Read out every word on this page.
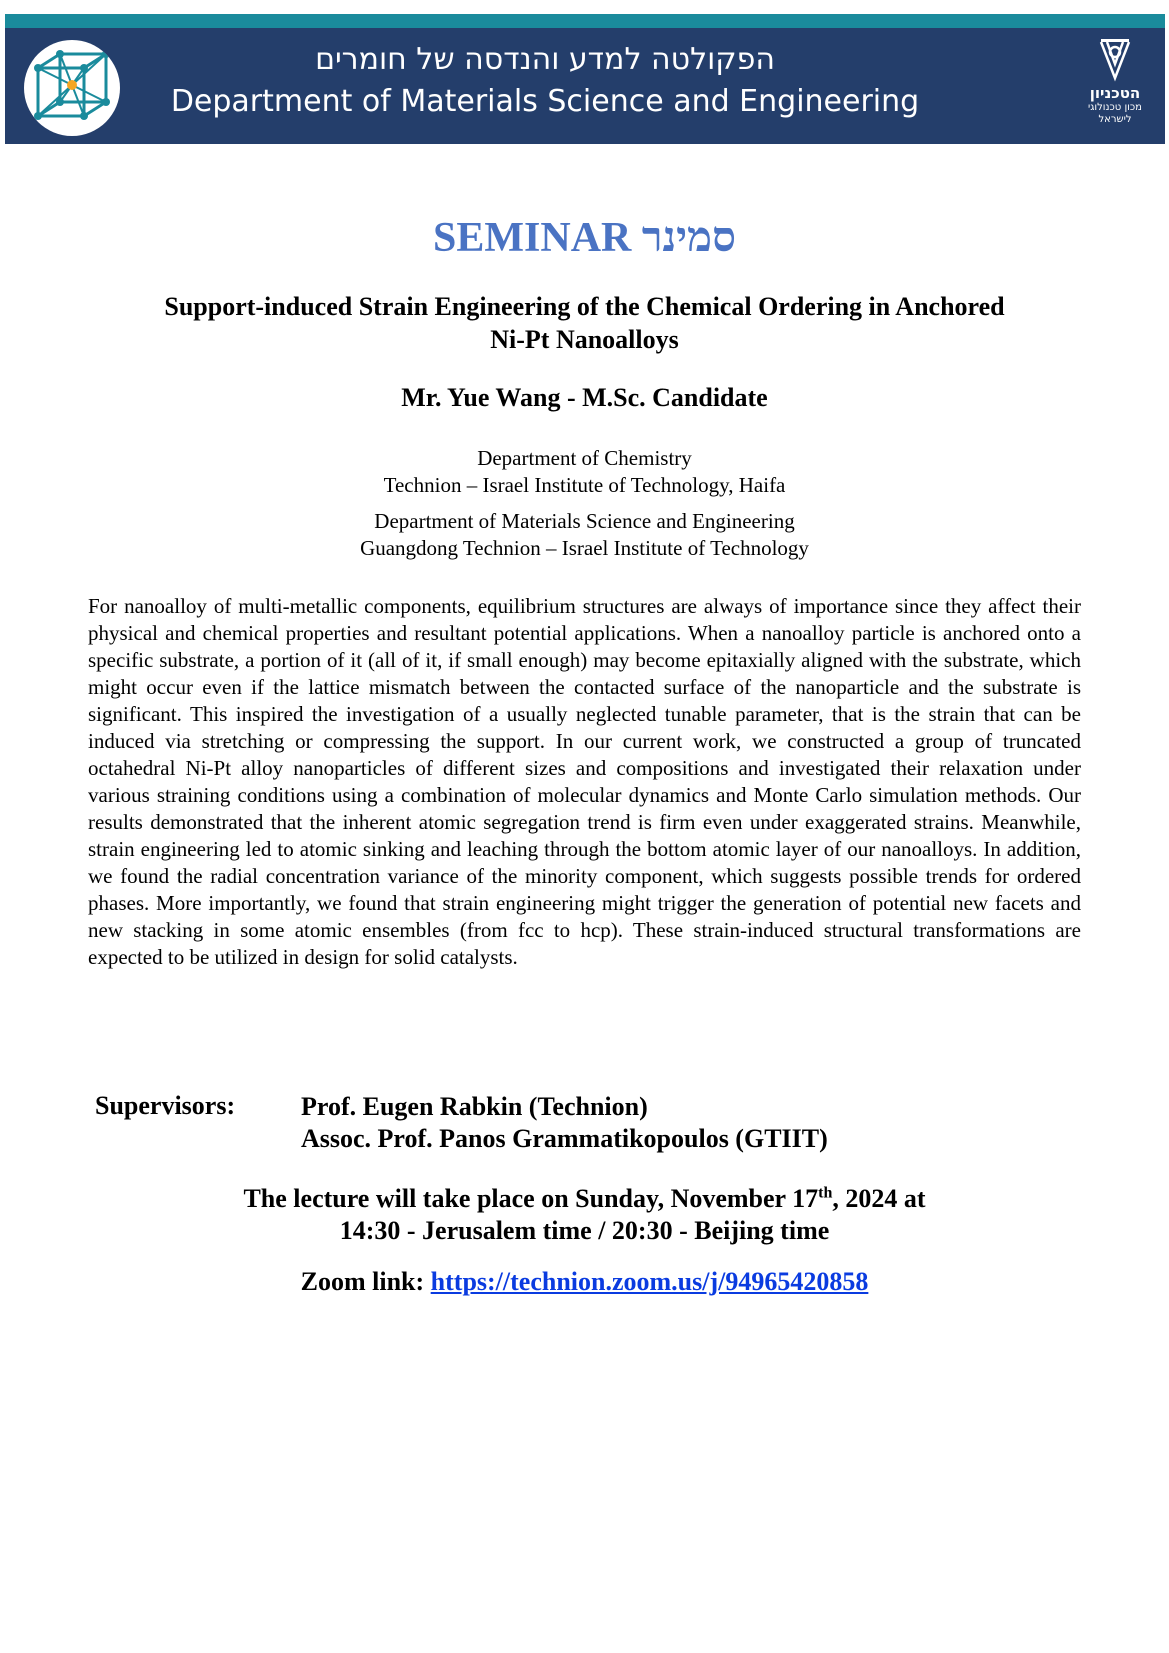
הפקולטה למדע והנדסה של חומרים
Department of Materials Science and Engineering	הטכניון
מכון טכנולוגי
לישראל
SEMINAR סמינר
Support-induced Strain Engineering of the Chemical Ordering in Anchored
Ni-Pt Nanoalloys
Mr. Yue Wang - M.Sc. Candidate
Department of Chemistry
Technion – Israel Institute of Technology, Haifa
Department of Materials Science and Engineering
Guangdong Technion – Israel Institute of Technology

For nanoalloy of multi-metallic components, equilibrium structures are always of importance since they affect their physical and chemical properties and resultant potential applications. When a nanoalloy particle is anchored onto a specific substrate, a portion of it (all of it, if small enough) may become epitaxially aligned with the substrate, which might occur even if the lattice mismatch between the contacted surface of the nanoparticle and the substrate is significant. This inspired the investigation of a usually neglected tunable parameter, that is the strain that can be induced via stretching or compressing the support. In our current work, we constructed a group of truncated octahedral Ni-Pt alloy nanoparticles of different sizes and compositions and investigated their relaxation under various straining conditions using a combination of molecular dynamics and Monte Carlo simulation methods. Our results demonstrated that the inherent atomic segregation trend is firm even under exaggerated strains. Meanwhile, strain engineering led to atomic sinking and leaching through the bottom atomic layer of our nanoalloys. In addition, we found the radial concentration variance of the minority component, which suggests possible trends for ordered phases. More importantly, we found that strain engineering might trigger the generation of potential new facets and new stacking in some atomic ensembles (from fcc to hcp). These strain-induced structural transformations are expected to be utilized in design for solid catalysts.

Supervisors:	Prof. Eugen Rabkin (Technion)
Assoc. Prof. Panos Grammatikopoulos (GTIIT)
The lecture will take place on Sunday, November 17th, 2024 at
14:30 - Jerusalem time / 20:30 - Beijing time
Zoom link: https://technion.zoom.us/j/94965420858
